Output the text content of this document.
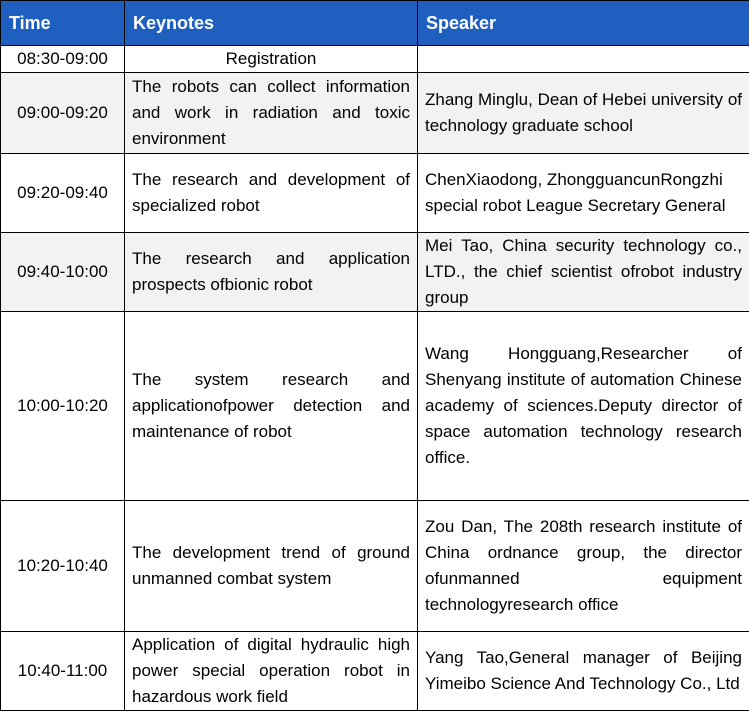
Time	Keynotes	Speaker
08:30-09:00	Registration	
09:00-09:20	The robots can collect information and work in radiation and toxic environment	Zhang Minglu, Dean of Hebei university of technology graduate school
09:20-09:40	The research and development of specialized robot	ChenXiaodong, ZhongguancunRongzhi special robot League Secretary General
09:40-10:00	The research and application prospects ofbionic robot	Mei Tao, China security technology co., LTD., the chief scientist ofrobot industry group
10:00-10:20	The system research and applicationofpower detection and maintenance of robot	Wang Hongguang,Researcher of Shenyang institute of automation Chinese academy of sciences.Deputy director of space automation technology research office.
10:20-10:40	The development trend of ground unmanned combat system	Zou Dan, The 208th research institute of China ordnance group, the director ofunmanned equipment technologyresearch office
10:40-11:00	Application of digital hydraulic high power special operation robot in hazardous work field	Yang Tao,General manager of Beijing Yimeibo Science And Technology Co., Ltd
